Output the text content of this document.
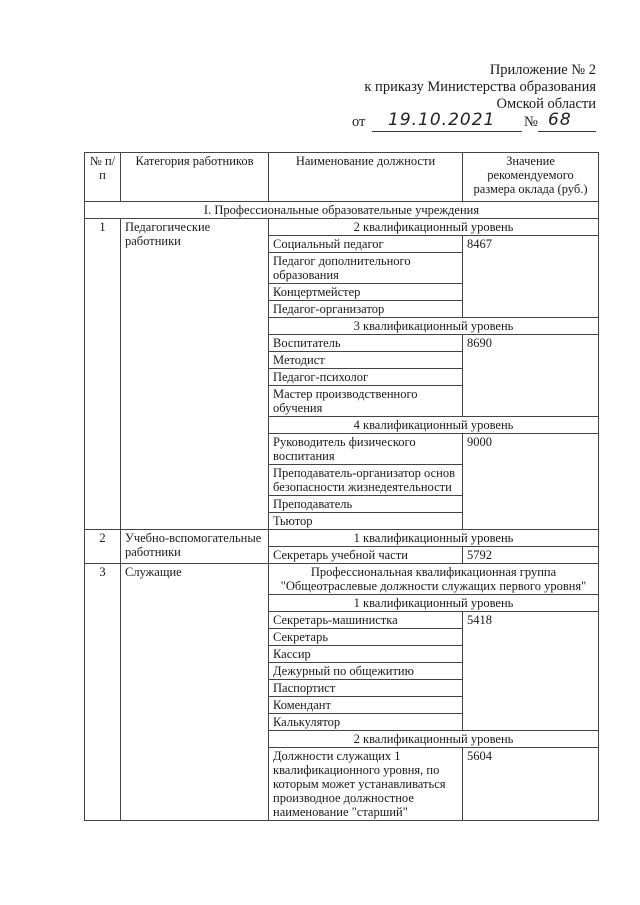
Приложение № 2
к приказу Министерства образования
Омской области
от 19.10.2021 № 68
№ п/п	Категория работников	Наименование должности	Значение рекомендуемого размера оклада (руб.)
I. Профессиональные образовательные учреждения			
1	Педагогические работники	2 квалификационный уровень	
		Социальный педагог	8467
		Педагог дополнительного образования	
		Концертмейстер	
		Педагог-организатор	
		3 квалификационный уровень	
		Воспитатель	8690
		Методист	
		Педагог-психолог	
		Мастер производственного обучения	
		4 квалификационный уровень	
		Руководитель физического воспитания	9000
		Преподаватель-организатор основ безопасности жизнедеятельности	
		Преподаватель	
		Тьютор	
2	Учебно-вспомогательные работники	1 квалификационный уровень	
		Секретарь учебной части	5792
3	Служащие	Профессиональная квалификационная группа "Общеотраслевые должности служащих первого уровня"	
		1 квалификационный уровень	
		Секретарь-машинистка	5418
		Секретарь	
		Кассир	
		Дежурный по общежитию	
		Паспортист	
		Комендант	
		Калькулятор	
		2 квалификационный уровень	
		Должности служащих 1 квалификационного уровня, по которым может устанавливаться производное должностное наименование "старший"	5604
